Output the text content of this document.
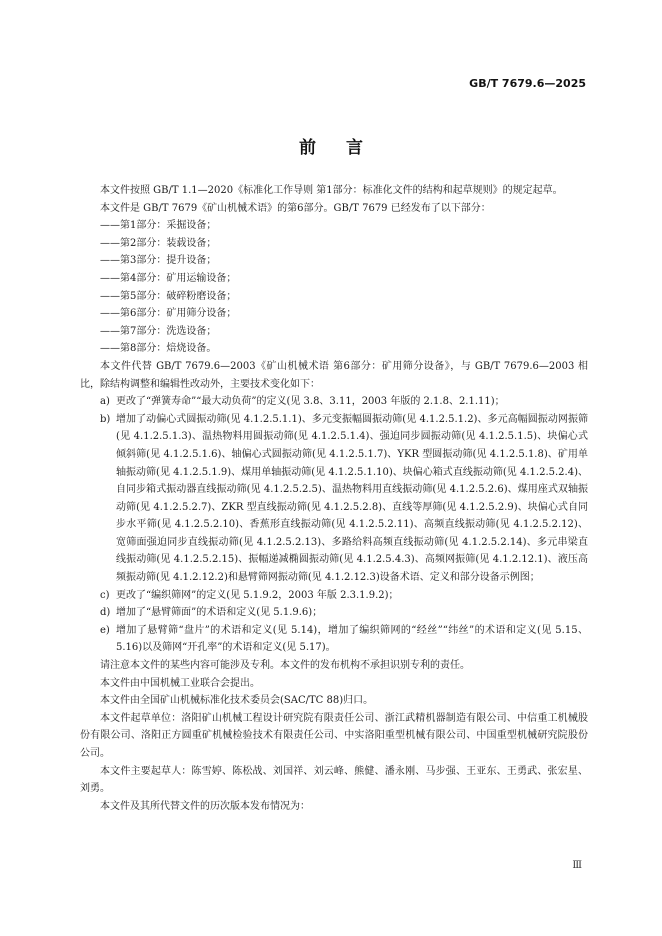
GB/T 7679.6—2025
前言

本文件按照 GB/T 1.1—2020《标准化工作导则 第1部分：标准化文件的结构和起草规则》的规定起草。

本文件是 GB/T 7679《矿山机械术语》的第6部分。GB/T 7679 已经发布了以下部分：

——第1部分：采掘设备；

——第2部分：装载设备；

——第3部分：提升设备；

——第4部分：矿用运输设备；

——第5部分：破碎粉磨设备；

——第6部分：矿用筛分设备；

——第7部分：洗选设备；

——第8部分：焙烧设备。

本文件代替 GB/T 7679.6—2003《矿山机械术语 第6部分：矿用筛分设备》，与 GB/T 7679.6—2003 相比，除结构调整和编辑性改动外，主要技术变化如下：

a) 更改了“弹簧寿命”“最大动负荷”的定义(见 3.8、3.11，2003 年版的 2.1.8、2.1.11)；
b) 增加了动偏心式圆振动筛(见 4.1.2.5.1.1)、多元变振幅圆振动筛(见 4.1.2.5.1.2)、多元高幅圆振动网振筛(见 4.1.2.5.1.3)、温热物料用圆振动筛(见 4.1.2.5.1.4)、强迫同步圆振动筛(见 4.1.2.5.1.5)、块偏心式倾斜筛(见 4.1.2.5.1.6)、轴偏心式圆振动筛(见 4.1.2.5.1.7)、YKR 型圆振动筛(见 4.1.2.5.1.8)、矿用单轴振动筛(见 4.1.2.5.1.9)、煤用单轴振动筛(见 4.1.2.5.1.10)、块偏心箱式直线振动筛(见 4.1.2.5.2.4)、自同步箱式振动器直线振动筛(见 4.1.2.5.2.5)、温热物料用直线振动筛(见 4.1.2.5.2.6)、煤用座式双轴振动筛(见 4.1.2.5.2.7)、ZKR 型直线振动筛(见 4.1.2.5.2.8)、直线等厚筛(见 4.1.2.5.2.9)、块偏心式自同步水平筛(见 4.1.2.5.2.10)、香蕉形直线振动筛(见 4.1.2.5.2.11)、高频直线振动筛(见 4.1.2.5.2.12)、宽筛面强迫同步直线振动筛(见 4.1.2.5.2.13)、多路给料高频直线振动筛(见 4.1.2.5.2.14)、多元串梁直线振动筛(见 4.1.2.5.2.15)、振幅递减椭圆振动筛(见 4.1.2.5.4.3)、高频网振筛(见 4.1.2.12.1)、液压高频振动筛(见 4.1.2.12.2)和悬臂筛网振动筛(见 4.1.2.12.3)设备术语、定义和部分设备示例图；
c) 更改了“编织筛网”的定义(见 5.1.9.2，2003 年版 2.3.1.9.2)；
d) 增加了“悬臂筛面”的术语和定义(见 5.1.9.6)；
e) 增加了悬臂筛“盘片”的术语和定义(见 5.14)，增加了编织筛网的“经丝”“纬丝”的术语和定义(见 5.15、5.16)以及筛网“开孔率”的术语和定义(见 5.17)。

请注意本文件的某些内容可能涉及专利。本文件的发布机构不承担识别专利的责任。

本文件由中国机械工业联合会提出。

本文件由全国矿山机械标准化技术委员会(SAC/TC 88)归口。

本文件起草单位：洛阳矿山机械工程设计研究院有限责任公司、浙江武精机器制造有限公司、中信重工机械股份有限公司、洛阳正方圆重矿机械检验技术有限责任公司、中实洛阳重型机械有限公司、中国重型机械研究院股份公司。

本文件主要起草人：陈雪婷、陈松战、刘国祥、刘云峰、熊健、潘永刚、马步强、王亚东、王勇武、张宏星、刘勇。

本文件及其所代替文件的历次版本发布情况为：

Ⅲ
